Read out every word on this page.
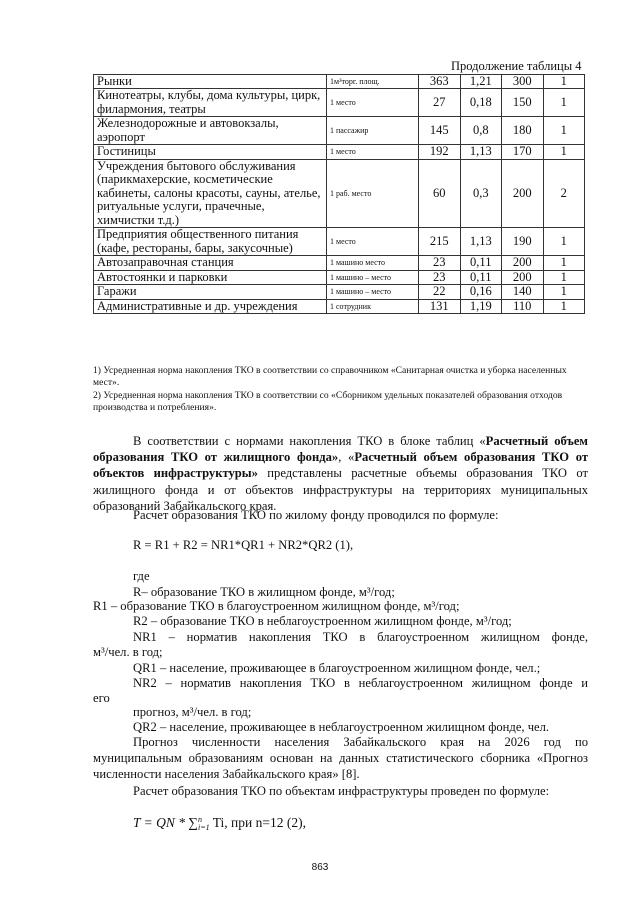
		Продолжение таблицы 4			
Рынки	1м³торг. площ.	363	1,21	300	1
Кинотеатры, клубы, дома культуры, цирк, филармония, театры	1 место	27	0,18	150	1
Железнодорожные и автовокзалы, аэропорт	1 пассажир	145	0,8	180	1
Гостиницы	1 место	192	1,13	170	1
Учреждения бытового обслуживания (парикмахерские, косметические кабинеты, салоны красоты, сауны, ателье, ритуальные услуги, прачечные, химчистки т.д.)	1 раб. место	60	0,3	200	2
Предприятия общественного питания (кафе, рестораны, бары, закусочные)	1 место	215	1,13	190	1
Автозаправочная станция	1 машино место	23	0,11	200	1
Автостоянки и парковки	1 машино – место	23	0,11	200	1
Гаражи	1 машино – место	22	0,16	140	1
Административные и др. учреждения	1 сотрудник	131	1,19	110	1
1) Усредненная норма накопления ТКО в соответствии со справочником «Санитарная очистка и уборка населенных мест».
2) Усредненная норма накопления ТКО в соответствии со «Сборником удельных показателей образования отходов производства и потребления».
В соответствии с нормами накопления ТКО в блоке таблиц «Расчетный объем образования ТКО от жилищного фонда», «Расчетный объем образования ТКО от объектов инфраструктуры» представлены расчетные объемы образования ТКО от жилищного фонда и от объектов инфраструктуры на территориях муниципальных образований Забайкальского края.
Расчет образования ТКО по жилому фонду проводился по формуле:
R = R1 + R2 = NR1*QR1 + NR2*QR2 (1),
где
R– образование ТКО в жилищном фонде, м³/год;
R1 – образование ТКО в благоустроенном жилищном фонде, м³/год;
R2 – образование ТКО в неблагоустроенном жилищном фонде, м³/год;
NR1 – норматив накопления ТКО в благоустроенном жилищном фонде,
м³/чел. в год;
QR1 – население, проживающее в благоустроенном жилищном фонде, чел.;
NR2 – норматив накопления ТКО в неблагоустроенном жилищном фонде и
его
прогноз, м³/чел. в год;
QR2 – население, проживающее в неблагоустроенном жилищном фонде, чел.
Прогноз численности населения Забайкальского края на 2026 год по муниципальным образованиям основан на данных статистического сборника «Прогноз численности населения Забайкальского края» [8].
Расчет образования ТКО по объектам инфраструктуры проведен по формуле:
T = QN * ∑ n
i=1 Ti, при n=12 (2),
863
